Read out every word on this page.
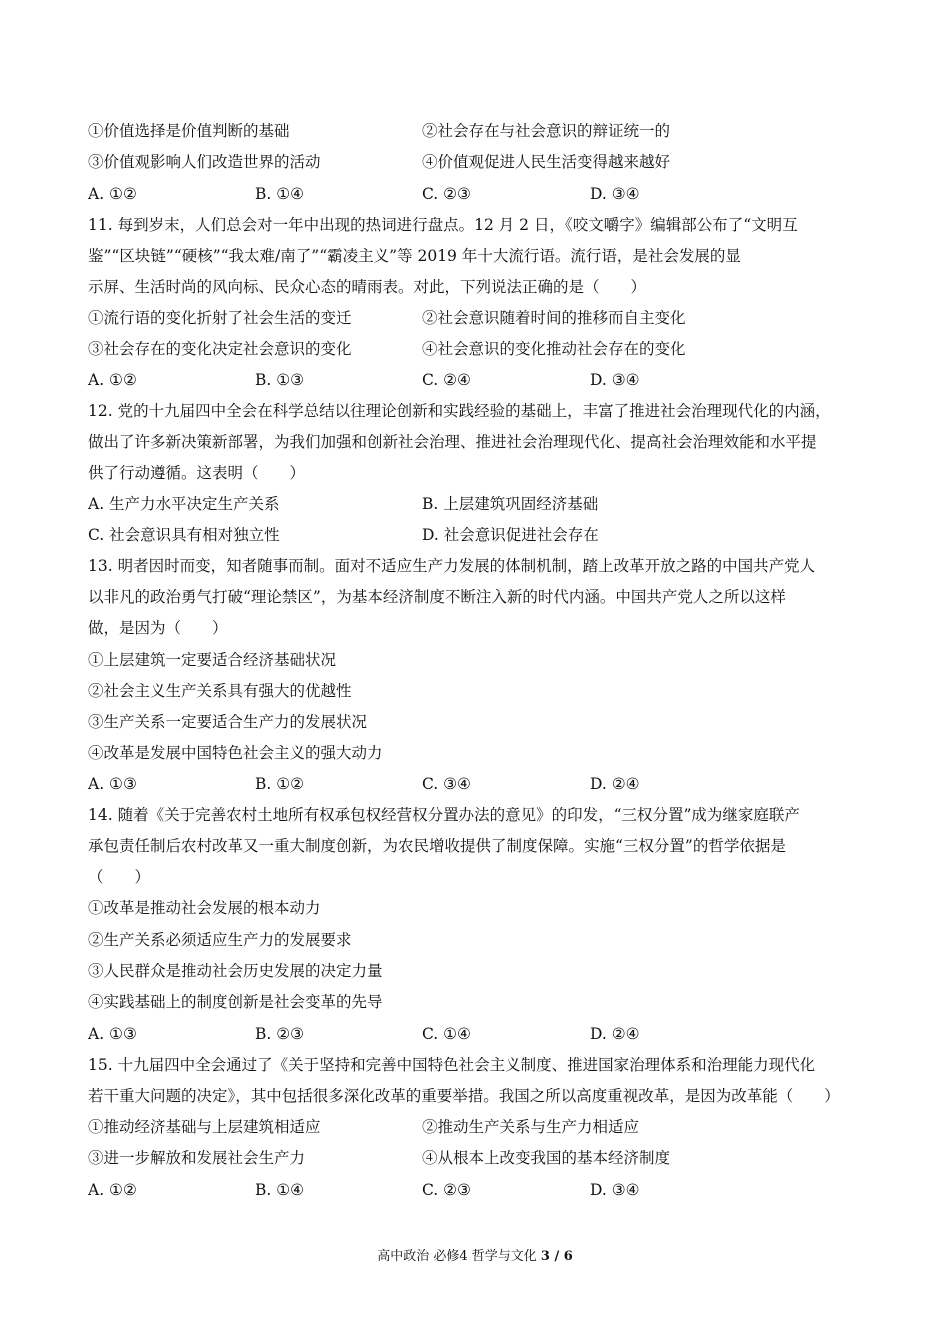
①价值选择是价值判断的基础	②社会存在与社会意识的辩证统一的
③价值观影响人们改造世界的活动	④价值观促进人民生活变得越来越好
A. ①②	B. ①④	C. ②③	D. ③④
11. 每到岁末，人们总会对一年中出现的热词进行盘点。12 月 2 日，《咬文嚼字》编辑部公布了“文明互
鉴”“区块链”“硬核”“我太难/南了”“霸凌主义”等 2019 年十大流行语。流行语，是社会发展的显
示屏、生活时尚的风向标、民众心态的晴雨表。对此，下列说法正确的是（　　）
①流行语的变化折射了社会生活的变迁	②社会意识随着时间的推移而自主变化
③社会存在的变化决定社会意识的变化	④社会意识的变化推动社会存在的变化
A. ①②	B. ①③	C. ②④	D. ③④
12. 党的十九届四中全会在科学总结以往理论创新和实践经验的基础上，丰富了推进社会治理现代化的内涵，
做出了许多新决策新部署，为我们加强和创新社会治理、推进社会治理现代化、提高社会治理效能和水平提
供了行动遵循。这表明（　　）
A. 生产力水平决定生产关系	B. 上层建筑巩固经济基础
C. 社会意识具有相对独立性	D. 社会意识促进社会存在
13. 明者因时而变，知者随事而制。面对不适应生产力发展的体制机制，踏上改革开放之路的中国共产党人
以非凡的政治勇气打破“理论禁区”，为基本经济制度不断注入新的时代内涵。中国共产党人之所以这样
做，是因为（　　）
①上层建筑一定要适合经济基础状况
②社会主义生产关系具有强大的优越性
③生产关系一定要适合生产力的发展状况
④改革是发展中国特色社会主义的强大动力
A. ①③	B. ①②	C. ③④	D. ②④
14. 随着《关于完善农村土地所有权承包权经营权分置办法的意见》的印发，“三权分置”成为继家庭联产
承包责任制后农村改革又一重大制度创新，为农民增收提供了制度保障。实施“三权分置”的哲学依据是
（　　）
①改革是推动社会发展的根本动力
②生产关系必须适应生产力的发展要求
③人民群众是推动社会历史发展的决定力量
④实践基础上的制度创新是社会变革的先导
A. ①③	B. ②③	C. ①④	D. ②④
15. 十九届四中全会通过了《关于坚持和完善中国特色社会主义制度、推进国家治理体系和治理能力现代化
若干重大问题的决定》，其中包括很多深化改革的重要举措。我国之所以高度重视改革，是因为改革能（　　）
①推动经济基础与上层建筑相适应	②推动生产关系与生产力相适应
③进一步解放和发展社会生产力	④从根本上改变我国的基本经济制度
A. ①②	B. ①④	C. ②③	D. ③④
高中政治 必修4 哲学与文化 3 / 6
